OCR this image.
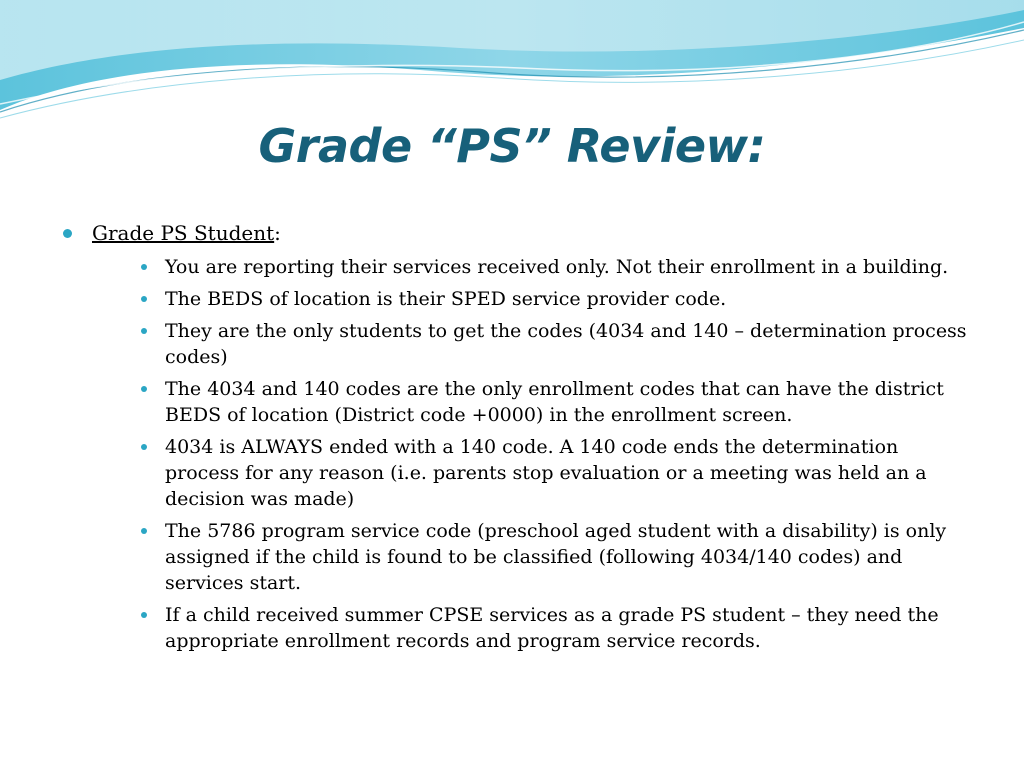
Grade “PS” Review:
Grade PS Student:
You are reporting their services received only. Not their enrollment in a building.
The BEDS of location is their SPED service provider code.
They are the only students to get the codes (4034 and 140 – determination process codes)
The 4034 and 140 codes are the only enrollment codes that can have the district BEDS of location (District code +0000) in the enrollment screen.
4034 is ALWAYS ended with a 140 code. A 140 code ends the determination process for any reason (i.e. parents stop evaluation or a meeting was held an a decision was made)
The 5786 program service code (preschool aged student with a disability) is only assigned if the child is found to be classified (following 4034/140 codes) and services start.
If a child received summer CPSE services as a grade PS student – they need the appropriate enrollment records and program service records.
